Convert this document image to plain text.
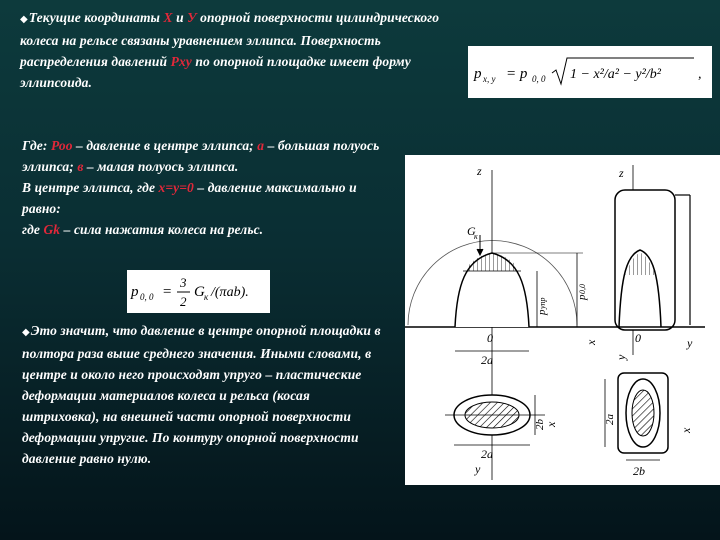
◆Текущие координаты X и У опорной поверхности цилиндрического колеса на рельсе связаны уравнением эллипса. Поверхность распределения давлений Pxy по опорной площадке имеет форму эллипсоида.
p x, y = p 0, 0 1 − x²/a² − y²/b²	,
Где: Роо – давление в центре эллипса; а – большая полуось эллипса; в – малая полуось эллипса.
В центре эллипса, где х=у=0 – давление максимально и равно:
где Gk – сила нажатия колеса на рельс.
p 0, 0 =
3
2
G к /(πab).
◆Это значит, что давление в центре опорной площадки в полтора раза выше среднего значения. Иными словами, в центре и около него происходят упруго – пластические деформации материалов колеса и рельса (косая штриховка), на внешней части опорной поверхности деформации упругие. По контуру опорной поверхности давление равно нулю.
z
G
к
p
упр
p
0,0
0	x
2a
2b
x
y
2a
z
0	y
y
2a
x
2b
